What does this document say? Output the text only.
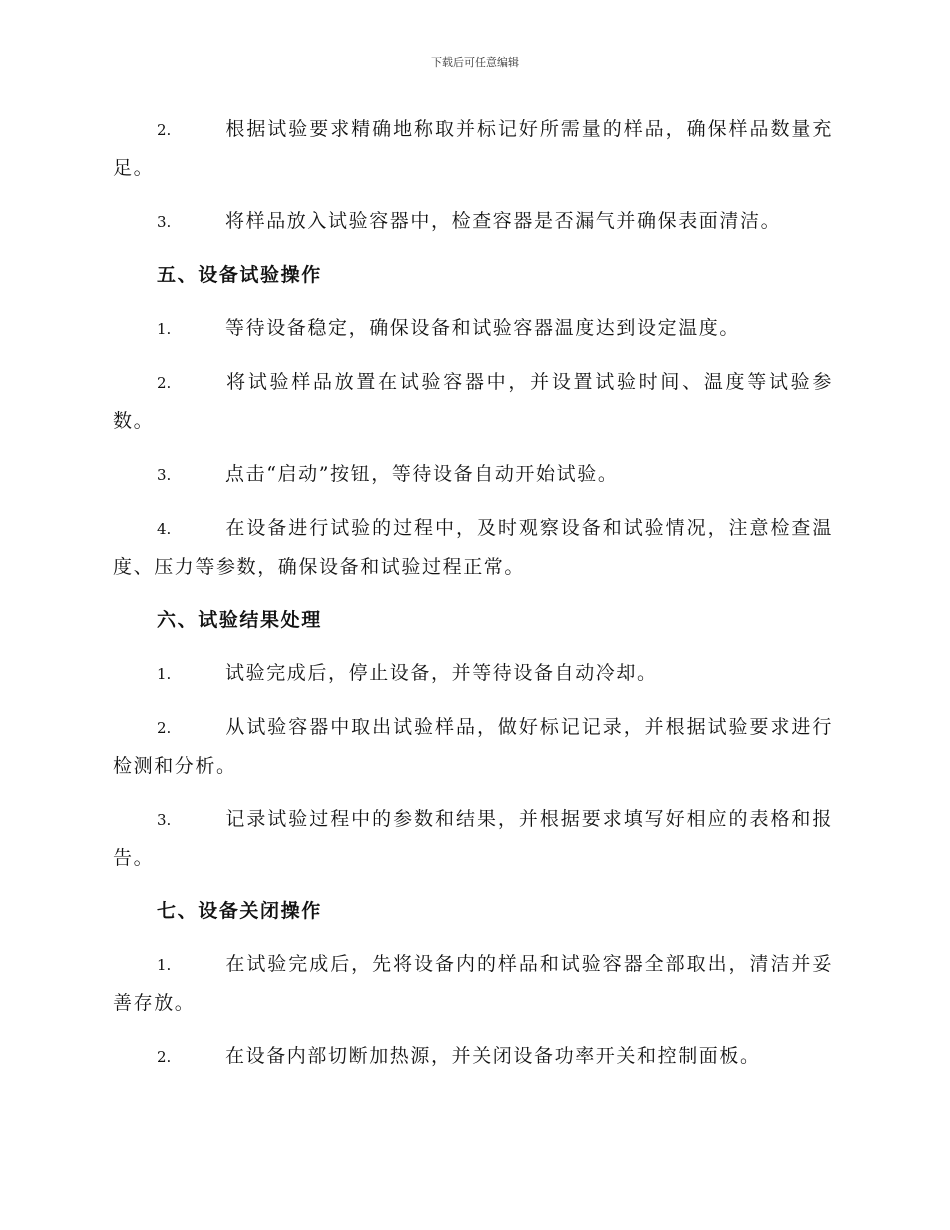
下载后可任意编辑
2.	根据试验要求精确地称取并标记好所需量的样品，确保样品数量充足。
3.	将样品放入试验容器中，检查容器是否漏气并确保表面清洁。
五、设备试验操作
1.	等待设备稳定，确保设备和试验容器温度达到设定温度。
2.	将试验样品放置在试验容器中，并设置试验时间、温度等试验参数。
3.	点击“启动”按钮，等待设备自动开始试验。
4.	在设备进行试验的过程中，及时观察设备和试验情况，注意检查温度、压力等参数，确保设备和试验过程正常。
六、试验结果处理
1.	试验完成后，停止设备，并等待设备自动冷却。
2.	从试验容器中取出试验样品，做好标记记录，并根据试验要求进行检测和分析。
3.	记录试验过程中的参数和结果，并根据要求填写好相应的表格和报告。
七、设备关闭操作
1.	在试验完成后，先将设备内的样品和试验容器全部取出，清洁并妥善存放。
2.	在设备内部切断加热源，并关闭设备功率开关和控制面板。
